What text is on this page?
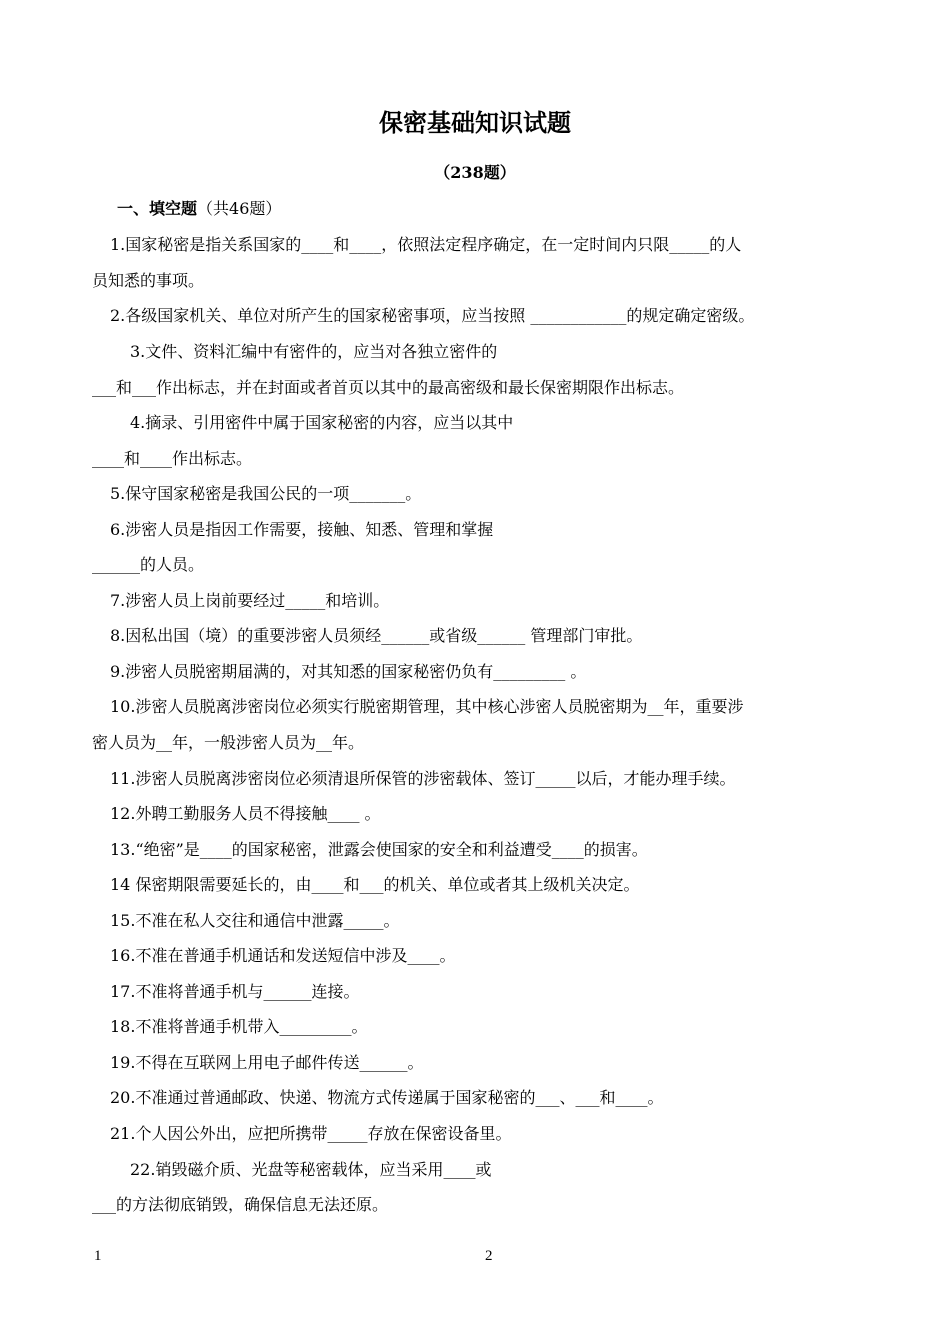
保密基础知识试题
（238题）
一、填空题（共46题）
1.国家秘密是指关系国家的____和____，依照法定程序确定，在一定时间内只限_____的人
员知悉的事项。
2.各级国家机关、单位对所产生的国家秘密事项，应当按照 ____________的规定确定密级。
3.文件、资料汇编中有密件的，应当对各独立密件的
___和___作出标志，并在封面或者首页以其中的最高密级和最长保密期限作出标志。
4.摘录、引用密件中属于国家秘密的内容，应当以其中
____和____作出标志。
5.保守国家秘密是我国公民的一项_______。
6.涉密人员是指因工作需要，接触、知悉、管理和掌握
______的人员。
7.涉密人员上岗前要经过_____和培训。
8.因私出国（境）的重要涉密人员须经______或省级______ 管理部门审批。
9.涉密人员脱密期届满的，对其知悉的国家秘密仍负有_________ 。
10.涉密人员脱离涉密岗位必须实行脱密期管理，其中核心涉密人员脱密期为__年，重要涉
密人员为__年，一般涉密人员为__年。
11.涉密人员脱离涉密岗位必须清退所保管的涉密载体、签订_____以后，才能办理手续。
12.外聘工勤服务人员不得接触____ 。
13.“绝密”是____的国家秘密，泄露会使国家的安全和利益遭受____的损害。
14 保密期限需要延长的，由____和___的机关、单位或者其上级机关决定。
15.不准在私人交往和通信中泄露_____。
16.不准在普通手机通话和发送短信中涉及____。
17.不准将普通手机与______连接。
18.不准将普通手机带入_________。
19.不得在互联网上用电子邮件传送______。
20.不准通过普通邮政、快递、物流方式传递属于国家秘密的___、___和____。
21.个人因公外出，应把所携带_____存放在保密设备里。
22.销毁磁介质、光盘等秘密载体，应当采用____或
___的方法彻底销毁，确保信息无法还原。
1	2
